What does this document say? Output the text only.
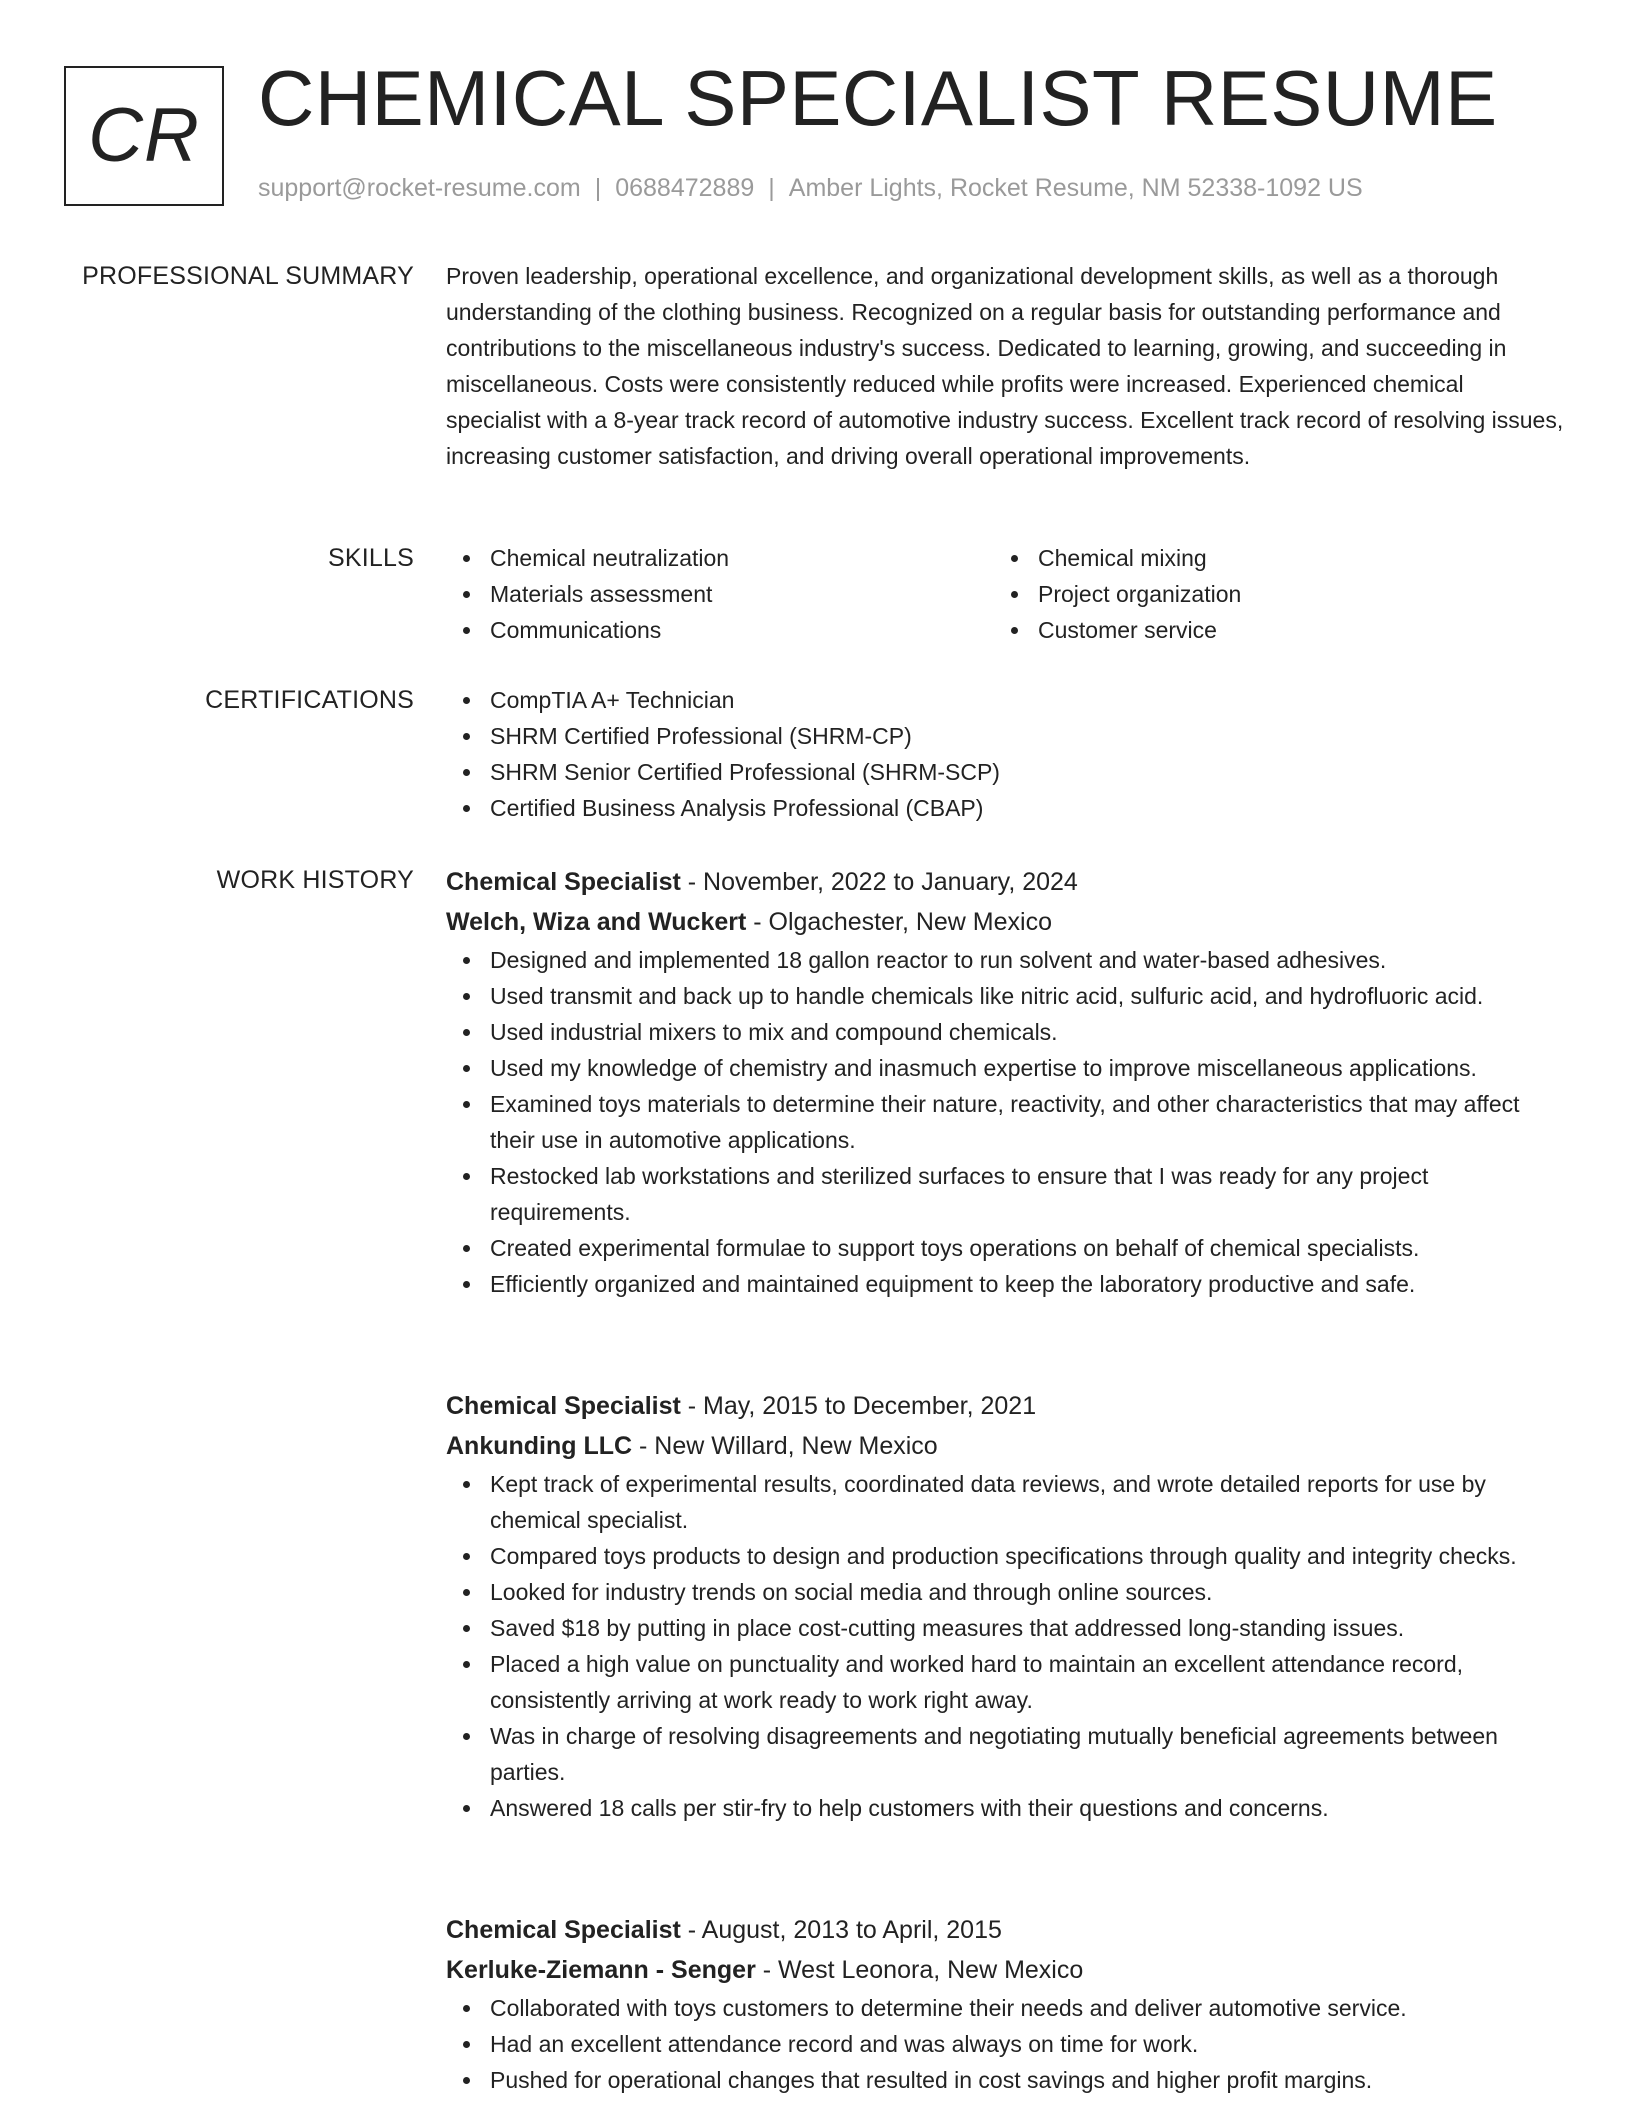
CR CHEMICAL SPECIALIST RESUME
support@rocket-resume.com | 0688472889 | Amber Lights, Rocket Resume, NM 52338-1092 US
PROFESSIONAL SUMMARY Proven leadership, operational excellence, and organizational development skills, as well as a thorough understanding of the clothing business. Recognized on a regular basis for outstanding performance and contributions to the miscellaneous industry's success. Dedicated to learning, growing, and succeeding in miscellaneous. Costs were consistently reduced while profits were increased. Experienced chemical specialist with a 8-year track record of automotive industry success. Excellent track record of resolving issues, increasing customer satisfaction, and driving overall operational improvements.

SKILLS	Chemical neutralization
Materials assessment
Communications
Chemical mixing
Project organization
Customer service
CERTIFICATIONS	CompTIA A+ Technician
SHRM Certified Professional (SHRM-CP)
SHRM Senior Certified Professional (SHRM-SCP)
Certified Business Analysis Professional (CBAP)
WORK HISTORY Chemical Specialist - November, 2022 to January, 2024
Welch, Wiza and Wuckert - Olgachester, New Mexico
Designed and implemented 18 gallon reactor to run solvent and water-based adhesives.
Used transmit and back up to handle chemicals like nitric acid, sulfuric acid, and hydrofluoric acid.
Used industrial mixers to mix and compound chemicals.
Used my knowledge of chemistry and inasmuch expertise to improve miscellaneous applications.
Examined toys materials to determine their nature, reactivity, and other characteristics that may affect their use in automotive applications.
Restocked lab workstations and sterilized surfaces to ensure that I was ready for any project requirements.
Created experimental formulae to support toys operations on behalf of chemical specialists.
Efficiently organized and maintained equipment to keep the laboratory productive and safe.
Chemical Specialist - May, 2015 to December, 2021
Ankunding LLC - New Willard, New Mexico
Kept track of experimental results, coordinated data reviews, and wrote detailed reports for use by chemical specialist.
Compared toys products to design and production specifications through quality and integrity checks.
Looked for industry trends on social media and through online sources.
Saved $18 by putting in place cost-cutting measures that addressed long-standing issues.
Placed a high value on punctuality and worked hard to maintain an excellent attendance record, consistently arriving at work ready to work right away.
Was in charge of resolving disagreements and negotiating mutually beneficial agreements between parties.
Answered 18 calls per stir-fry to help customers with their questions and concerns.
Chemical Specialist - August, 2013 to April, 2015
Kerluke-Ziemann - Senger - West Leonora, New Mexico
Collaborated with toys customers to determine their needs and deliver automotive service.
Had an excellent attendance record and was always on time for work.
Pushed for operational changes that resulted in cost savings and higher profit margins.
